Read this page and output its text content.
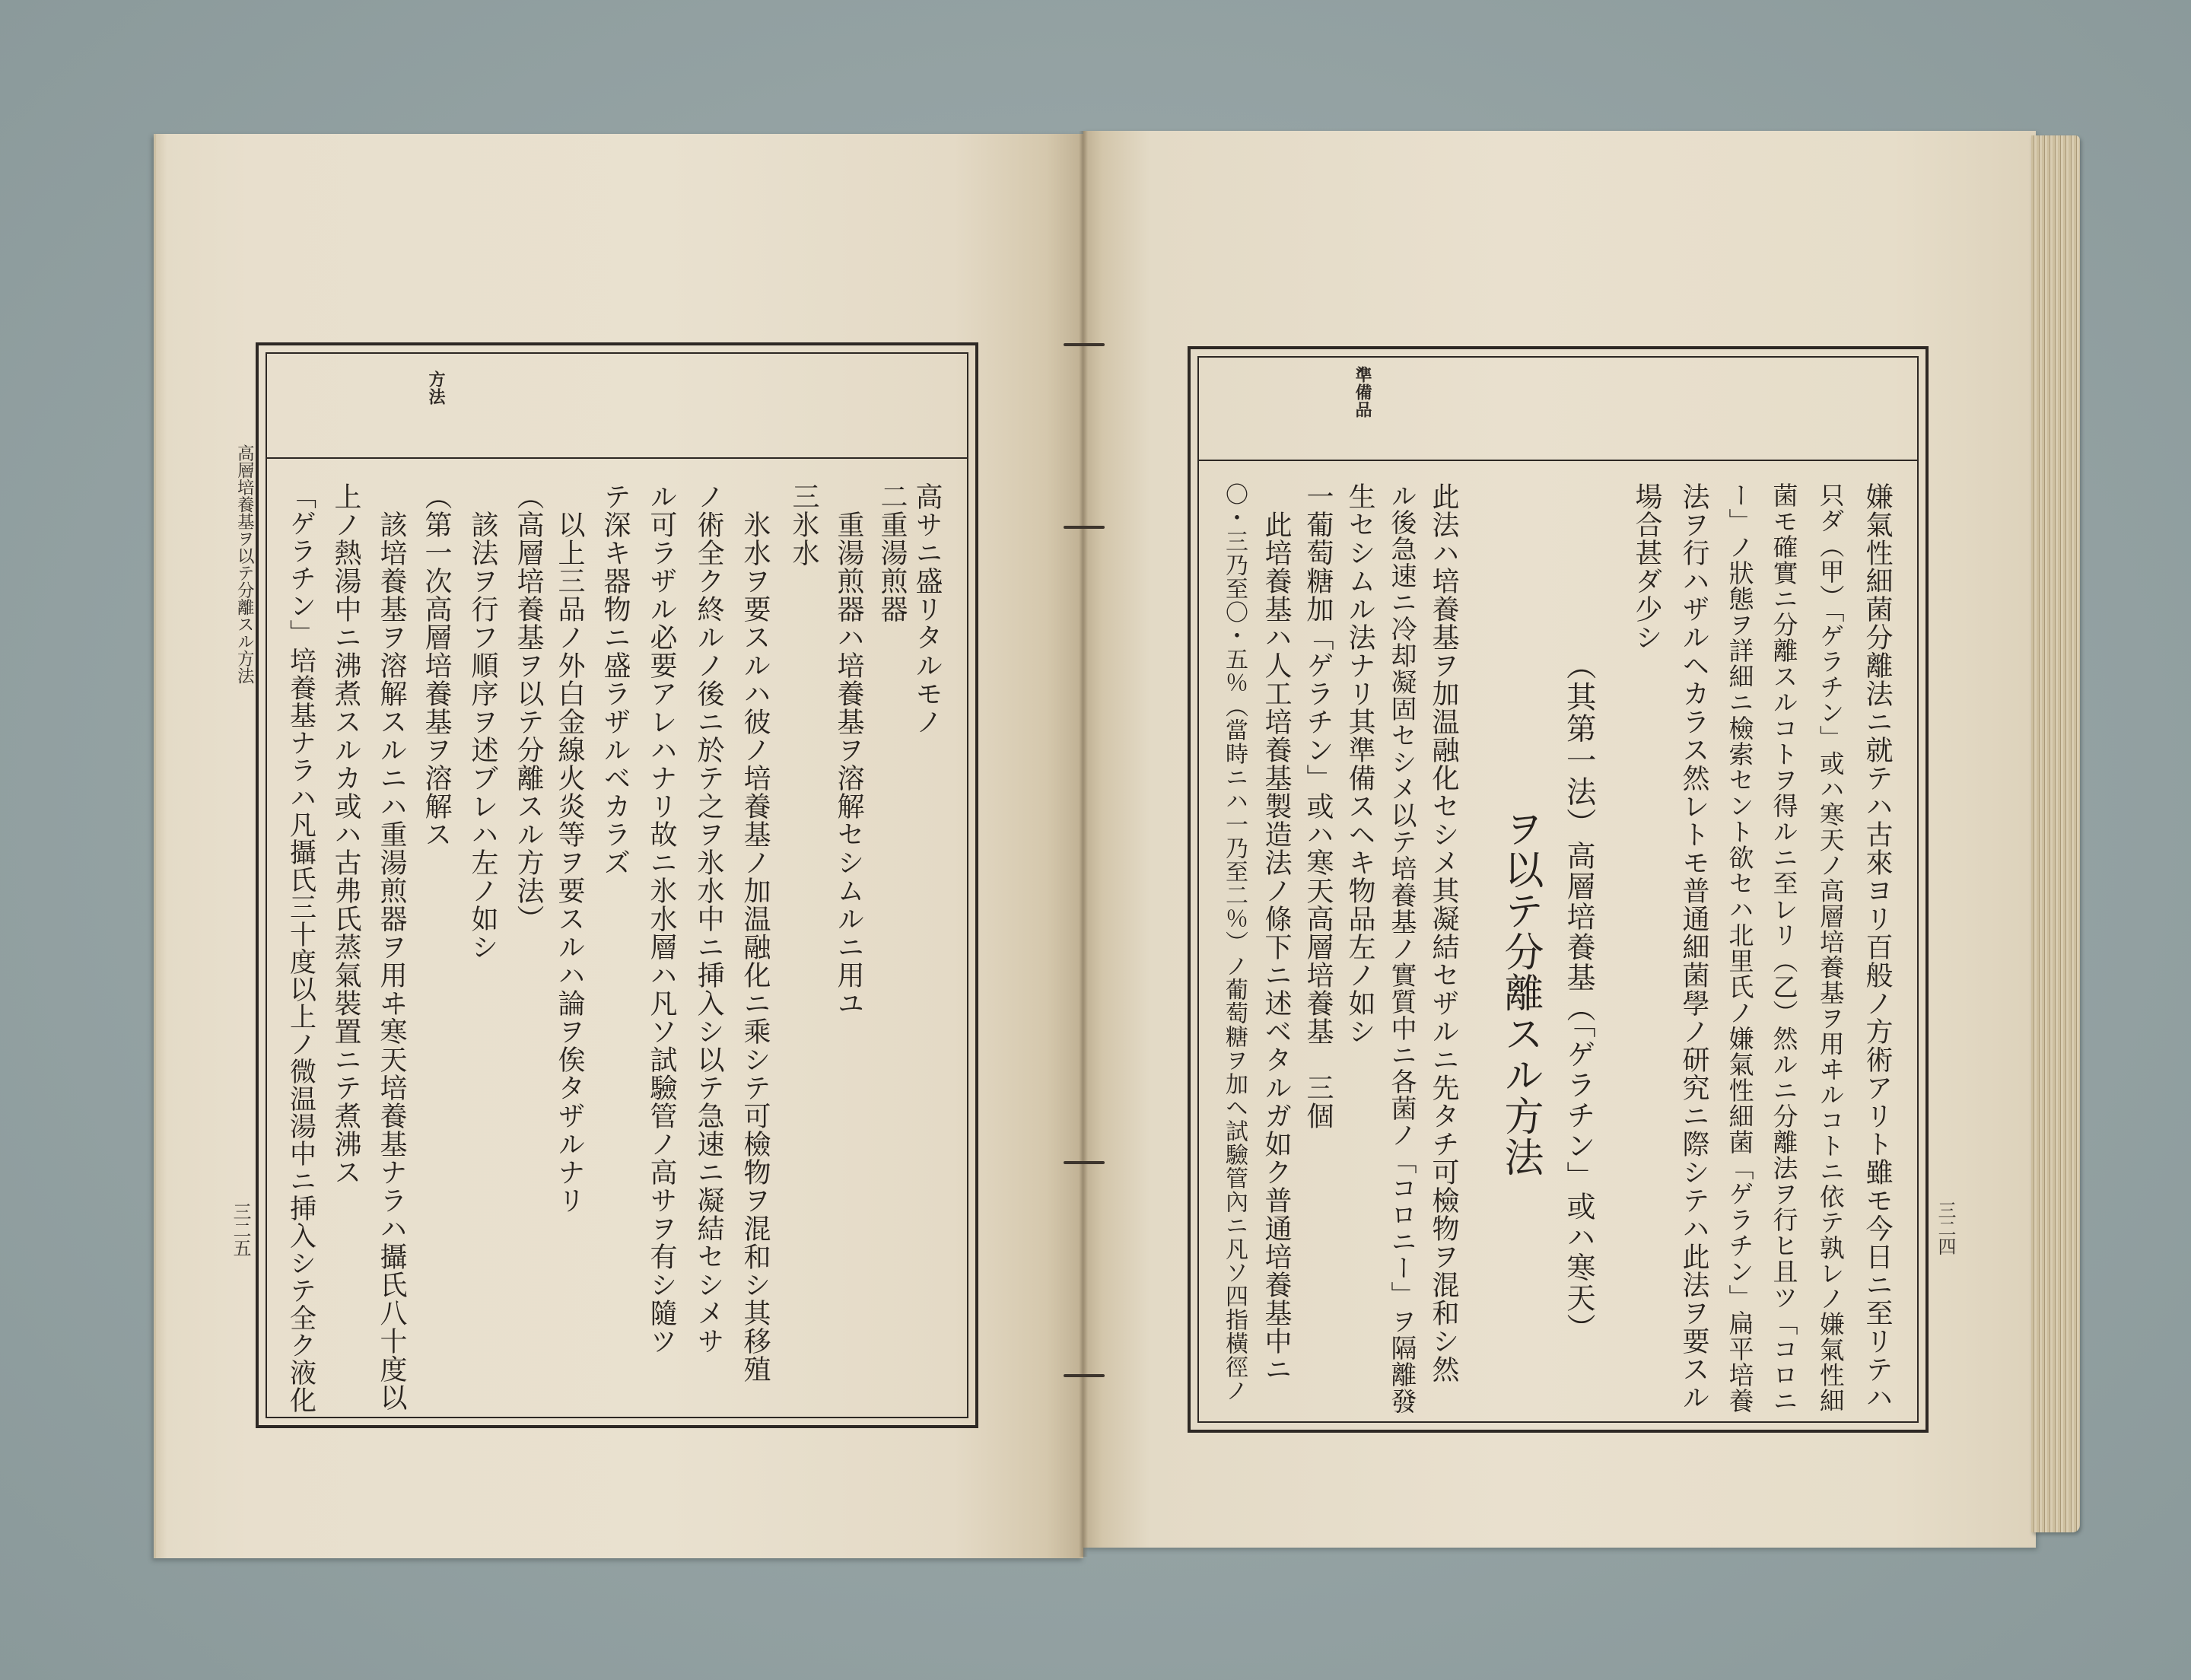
高層培養基ヲ以テ分離スル方法
三二五
方法
高サニ盛リタルモノ
二重湯煎器
重湯煎器ハ培養基ヲ溶解セシムルニ用ユ
三氷水
氷水ヲ要スルハ彼ノ培養基ノ加温融化ニ乘シテ可檢物ヲ混和シ其移殖
ノ術全ク終ルノ後ニ於テ之ヲ氷水中ニ挿入シ以テ急速ニ凝結セシメサ
ル可ラザル必要アレハナリ故ニ氷水層ハ凡ソ試驗管ノ高サヲ有シ隨ツ
テ深キ器物ニ盛ラザルベカラズ
以上三品ノ外白金線火炎等ヲ要スルハ論ヲ俟タザルナリ
（高層培養基ヲ以テ分離スル方法）
該法ヲ行フ順序ヲ述ブレハ左ノ如シ
（第一次高層培養基ヲ溶解ス
該培養基ヲ溶解スルニハ重湯煎器ヲ用ヰ寒天培養基ナラハ攝氏八十度以
上ノ熱湯中ニ沸煮スルカ或ハ古弗氏蒸氣裝置ニテ煮沸ス
「ゲラチン」培養基ナラハ凡攝氏三十度以上ノ微温湯中ニ挿入シテ全ク液化	三二四
準備品
嫌氣性細菌分離法ニ就テハ古來ヨリ百般ノ方術アリト雖モ今日ニ至リテハ
只ダ（甲）「ゲラチン」或ハ寒天ノ高層培養基ヲ用ヰルコトニ依テ孰レノ嫌氣性細
菌モ確實ニ分離スルコトヲ得ルニ至レリ（乙）然ルニ分離法ヲ行ヒ且ツ「コロニ
ー」ノ狀態ヲ詳細ニ檢索セント欲セハ北里氏ノ嫌氣性細菌「ゲラチン」扁平培養
法ヲ行ハザルヘカラス然レトモ普通細菌學ノ研究ニ際シテハ此法ヲ要スル
場合甚ダ少シ
（其第一法）
高層培養基（「ゲラチン」或ハ寒天）
ヲ以テ分離スル方法
此法ハ培養基ヲ加温融化セシメ其凝結セザルニ先タチ可檢物ヲ混和シ然
ル後急速ニ冷却凝固セシメ以テ培養基ノ實質中ニ各菌ノ「コロニー」ヲ隔離發
生セシムル法ナリ其準備スヘキ物品左ノ如シ
一葡萄糖加「ゲラチン」或ハ寒天高層培養基　三個
此培養基ハ人工培養基製造法ノ條下ニ述ベタルガ如ク普通培養基中ニ
〇・三乃至〇・五％（當時ニハ一乃至二％）ノ葡萄糖ヲ加ヘ試驗管內ニ凡ソ四指橫徑ノ
